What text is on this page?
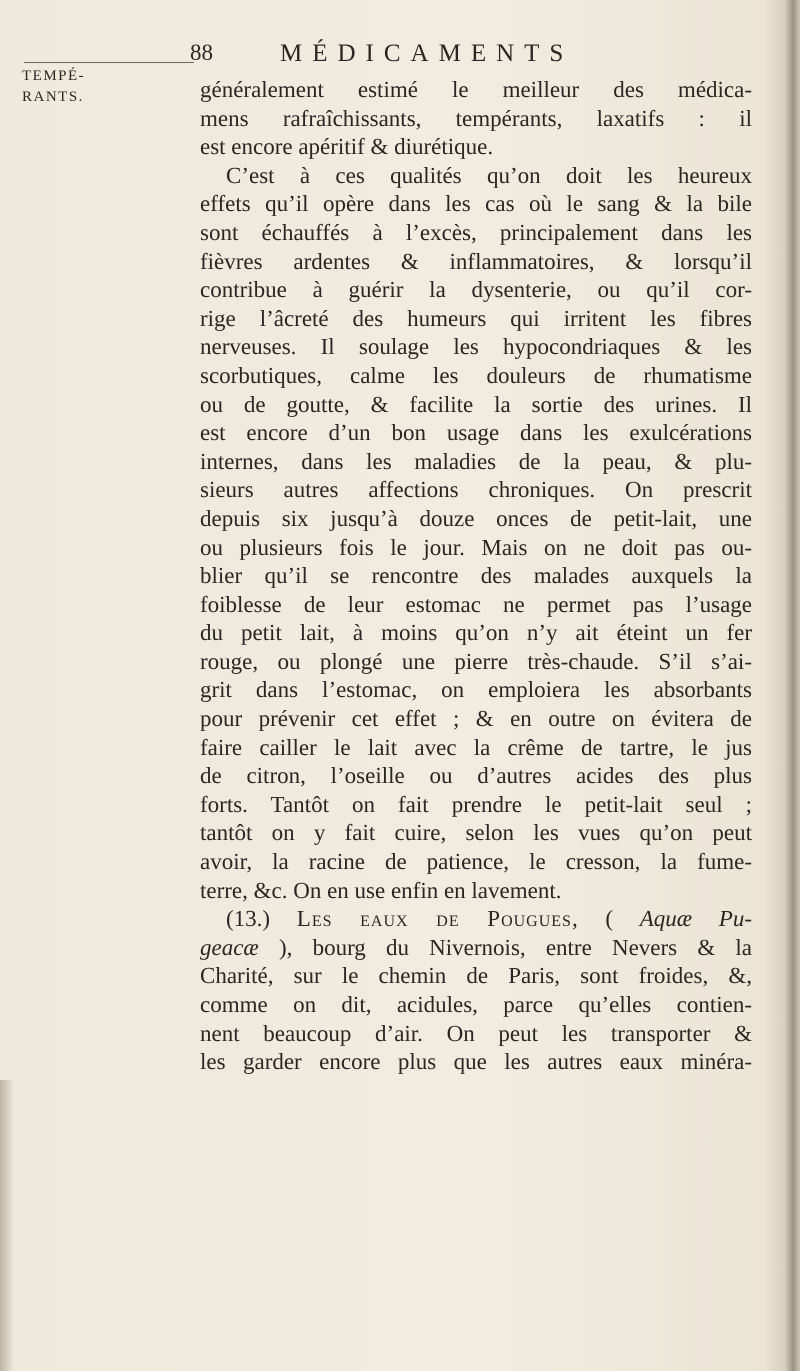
88	MÉDICAMENTS
TEMPÉ-
RANTS.	généralement estimé le meilleur des médica-
mens rafraîchissants, tempérants, laxatifs : il
est encore apéritif & diurétique.
C’est à ces qualités qu’on doit les heureux
effets qu’il opère dans les cas où le sang & la bile
sont échauffés à l’excès, principalement dans les
fièvres ardentes & inflammatoires, & lorsqu’il
contribue à guérir la dysenterie, ou qu’il cor-
rige l’âcreté des humeurs qui irritent les fibres
nerveuses. Il soulage les hypocondriaques & les
scorbutiques, calme les douleurs de rhumatisme
ou de goutte, & facilite la sortie des urines. Il
est encore d’un bon usage dans les exulcérations
internes, dans les maladies de la peau, & plu-
sieurs autres affections chroniques. On prescrit
depuis six jusqu’à douze onces de petit-lait, une
ou plusieurs fois le jour. Mais on ne doit pas ou-
blier qu’il se rencontre des malades auxquels la
foiblesse de leur estomac ne permet pas l’usage
du petit lait, à moins qu’on n’y ait éteint un fer
rouge, ou plongé une pierre très-chaude. S’il s’ai-
grit dans l’estomac, on emploiera les absorbants
pour prévenir cet effet ; & en outre on évitera de
faire cailler le lait avec la crême de tartre, le jus
de citron, l’oseille ou d’autres acides des plus
forts. Tantôt on fait prendre le petit-lait seul ;
tantôt on y fait cuire, selon les vues qu’on peut
avoir, la racine de patience, le cresson, la fume-
terre, &c. On en use enfin en lavement.
(13.) Les eaux de Pougues, ( Aquæ Pu-
geacæ ), bourg du Nivernois, entre Nevers & la
Charité, sur le chemin de Paris, sont froides, &,
comme on dit, acidules, parce qu’elles contien-
nent beaucoup d’air. On peut les transporter &
les garder encore plus que les autres eaux minéra-
